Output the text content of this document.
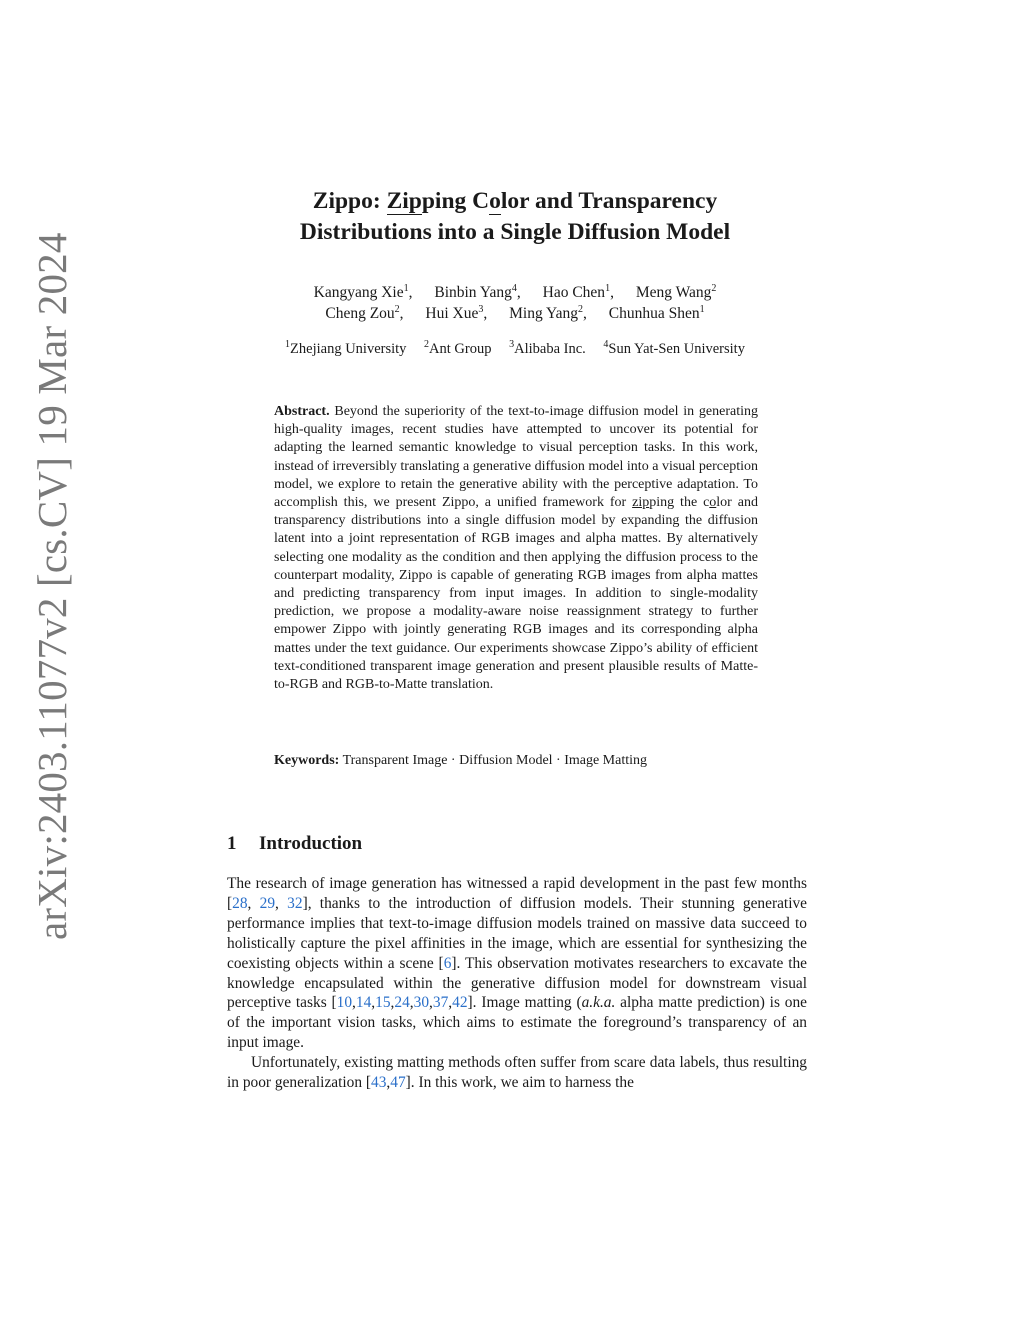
arXiv:2403.11077v2 [cs.CV] 19 Mar 2024
Zippo: Zipping Color and Transparency
Distributions into a Single Diffusion Model
Kangyang Xie$^1$, Binbin Yang$^4$, Hao Chen$^1$, Meng Wang$^2$
Cheng Zou$^2$, Hui Xue$^3$, Ming Yang$^2$, Chunhua Shen$^1$
$^1$Zhejiang University $^2$Ant Group $^3$Alibaba Inc. $^4$Sun Yat-Sen University
Abstract. Beyond the superiority of the text-to-image diffusion model in generating high-quality images, recent studies have attempted to uncover its potential for adapting the learned semantic knowledge to visual perception tasks. In this work, instead of irreversibly translating a generative diffusion model into a visual perception model, we explore to retain the generative ability with the perceptive adaptation. To accomplish this, we present Zippo, a unified framework for zipping the color and transparency distributions into a single diffusion model by expanding the diffusion latent into a joint representation of RGB images and alpha mattes. By alternatively selecting one modality as the condition and then applying the diffusion process to the counterpart modality, Zippo is capable of generating RGB images from alpha mattes and predicting transparency from input images. In addition to single-modality prediction, we propose a modality-aware noise reassignment strategy to further empower Zippo with jointly generating RGB images and its corresponding alpha mattes under the text guidance. Our experiments showcase Zippo’s ability of efficient text-conditioned transparent image generation and present plausible results of Matte-to-RGB and RGB-to-Matte translation.
Keywords: Transparent Image · Diffusion Model · Image Matting
1 Introduction

The research of image generation has witnessed a rapid development in the past few months [28, 29, 32], thanks to the introduction of diffusion models. Their stunning generative performance implies that text-to-image diffusion models trained on massive data succeed to holistically capture the pixel affinities in the image, which are essential for synthesizing the coexisting objects within a scene [6]. This observation motivates researchers to excavate the knowledge encapsulated within the generative diffusion model for downstream visual perceptive tasks [10,14,15,24,30,37,42]. Image matting (a.k.a. alpha matte prediction) is one of the important vision tasks, which aims to estimate the foreground’s transparency of an input image.

Unfortunately, existing matting methods often suffer from scare data labels, thus resulting in poor generalization [43,47]. In this work, we aim to harness the
